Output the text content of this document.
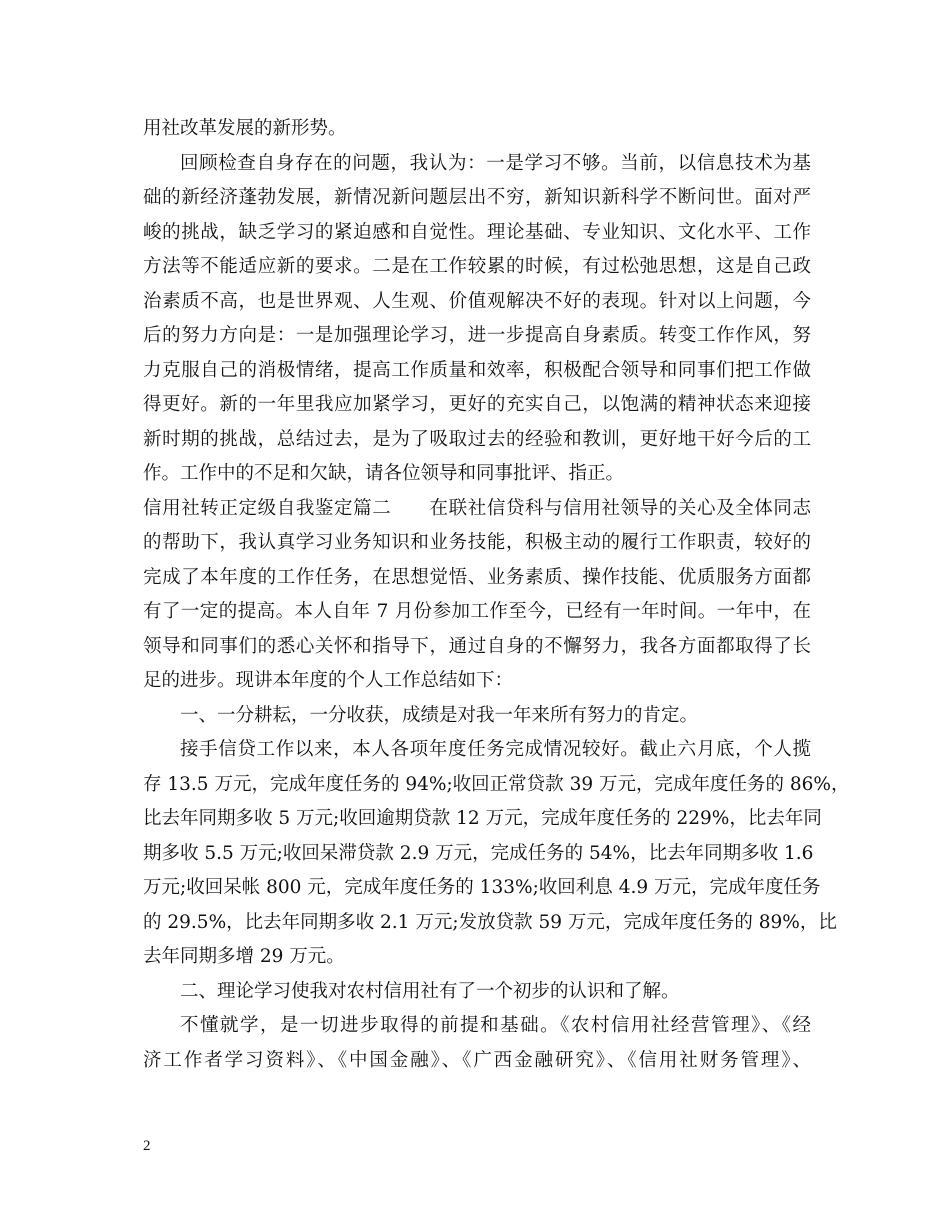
用社改革发展的新形势。
回顾检查自身存在的问题，我认为：一是学习不够。当前，以信息技术为基
础的新经济蓬勃发展，新情况新问题层出不穷，新知识新科学不断问世。面对严
峻的挑战，缺乏学习的紧迫感和自觉性。理论基础、专业知识、文化水平、工作
方法等不能适应新的要求。二是在工作较累的时候，有过松弛思想，这是自己政
治素质不高，也是世界观、人生观、价值观解决不好的表现。针对以上问题，今
后的努力方向是：一是加强理论学习，进一步提高自身素质。转变工作作风，努
力克服自己的消极情绪，提高工作质量和效率，积极配合领导和同事们把工作做
得更好。新的一年里我应加紧学习，更好的充实自己，以饱满的精神状态来迎接
新时期的挑战，总结过去，是为了吸取过去的经验和教训，更好地干好今后的工
作。工作中的不足和欠缺，请各位领导和同事批评、指正。
信用社转正定级自我鉴定篇二　　在联社信贷科与信用社领导的关心及全体同志
的帮助下，我认真学习业务知识和业务技能，积极主动的履行工作职责，较好的
完成了本年度的工作任务，在思想觉悟、业务素质、操作技能、优质服务方面都
有了一定的提高。本人自年 7 月份参加工作至今，已经有一年时间。一年中，在
领导和同事们的悉心关怀和指导下，通过自身的不懈努力，我各方面都取得了长
足的进步。现讲本年度的个人工作总结如下：
一、一分耕耘，一分收获，成绩是对我一年来所有努力的肯定。
接手信贷工作以来，本人各项年度任务完成情况较好。截止六月底，个人揽
存 13.5 万元，完成年度任务的 94%;收回正常贷款 39 万元，完成年度任务的 86%，
比去年同期多收 5 万元;收回逾期贷款 12 万元，完成年度任务的 229%，比去年同
期多收 5.5 万元;收回呆滞贷款 2.9 万元，完成任务的 54%，比去年同期多收 1.6
万元;收回呆帐 800 元，完成年度任务的 133%;收回利息 4.9 万元，完成年度任务
的 29.5%，比去年同期多收 2.1 万元;发放贷款 59 万元，完成年度任务的 89%，比
去年同期多增 29 万元。
二、理论学习使我对农村信用社有了一个初步的认识和了解。
不懂就学，是一切进步取得的前提和基础。《农村信用社经营管理》、《经
济工作者学习资料》、《中国金融》、《广西金融研究》、《信用社财务管理》、
2
